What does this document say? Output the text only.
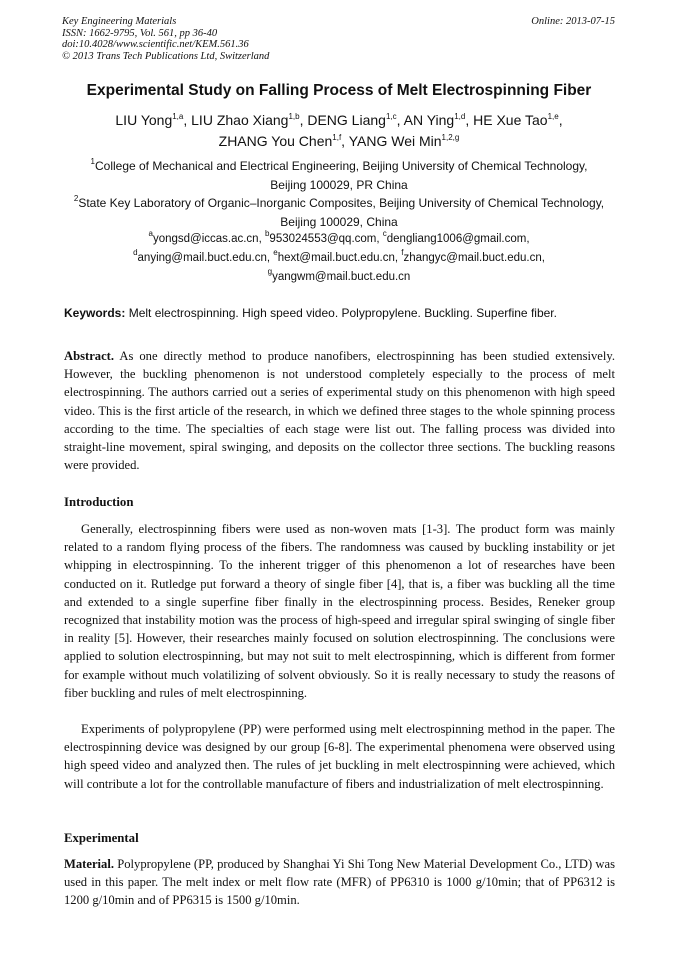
Key Engineering Materials
ISSN: 1662-9795, Vol. 561, pp 36-40
doi:10.4028/www.scientific.net/KEM.561.36
© 2013 Trans Tech Publications Ltd, Switzerland
Online: 2013-07-15
Experimental Study on Falling Process of Melt Electrospinning Fiber
LIU Yong$^{1,a}$, LIU Zhao Xiang$^{1,b}$, DENG Liang$^{1,c}$, AN Ying$^{1,d}$, HE Xue Tao$^{1,e}$,
ZHANG You Chen$^{1,f}$, YANG Wei Min$^{1,2,g}$
$^1$College of Mechanical and Electrical Engineering, Beijing University of Chemical Technology,
Beijing 100029, PR China
$^2$State Key Laboratory of Organic–Inorganic Composites, Beijing University of Chemical Technology,
Beijing 100029, China
$^a$yongsd@iccas.ac.cn, $^b$953024553@qq.com, $^c$dengliang1006@gmail.com,
$^d$anying@mail.buct.edu.cn, $^e$hext@mail.buct.edu.cn, $^f$zhangyc@mail.buct.edu.cn,
$^g$yangwm@mail.buct.edu.cn
Keywords: Melt electrospinning. High speed video. Polypropylene. Buckling. Superfine fiber.
Abstract. As one directly method to produce nanofibers, electrospinning has been studied extensively. However, the buckling phenomenon is not understood completely especially to the process of melt electrospinning. The authors carried out a series of experimental study on this phenomenon with high speed video. This is the first article of the research, in which we defined three stages to the whole spinning process according to the time. The specialties of each stage were list out. The falling process was divided into straight-line movement, spiral swinging, and deposits on the collector three sections. The buckling reasons were provided.
Introduction
Generally, electrospinning fibers were used as non-woven mats [1-3]. The product form was mainly related to a random flying process of the fibers. The randomness was caused by buckling instability or jet whipping in electrospinning. To the inherent trigger of this phenomenon a lot of researches have been conducted on it. Rutledge put forward a theory of single fiber [4], that is, a fiber was buckling all the time and extended to a single superfine fiber finally in the electrospinning process. Besides, Reneker group recognized that instability motion was the process of high-speed and irregular spiral swinging of single fiber in reality [5]. However, their researches mainly focused on solution electrospinning. The conclusions were applied to solution electrospinning, but may not suit to melt electrospinning, which is different from former for example without much volatilizing of solvent obviously. So it is really necessary to study the reasons of fiber buckling and rules of melt electrospinning.
Experiments of polypropylene (PP) were performed using melt electrospinning method in the paper. The electrospinning device was designed by our group [6-8]. The experimental phenomena were observed using high speed video and analyzed then. The rules of jet buckling in melt electrospinning were achieved, which will contribute a lot for the controllable manufacture of fibers and industrialization of melt electrospinning.
Experimental
Material. Polypropylene (PP, produced by Shanghai Yi Shi Tong New Material Development Co., LTD) was used in this paper. The melt index or melt flow rate (MFR) of PP6310 is 1000 g/10min; that of PP6312 is 1200 g/10min and of PP6315 is 1500 g/10min.
